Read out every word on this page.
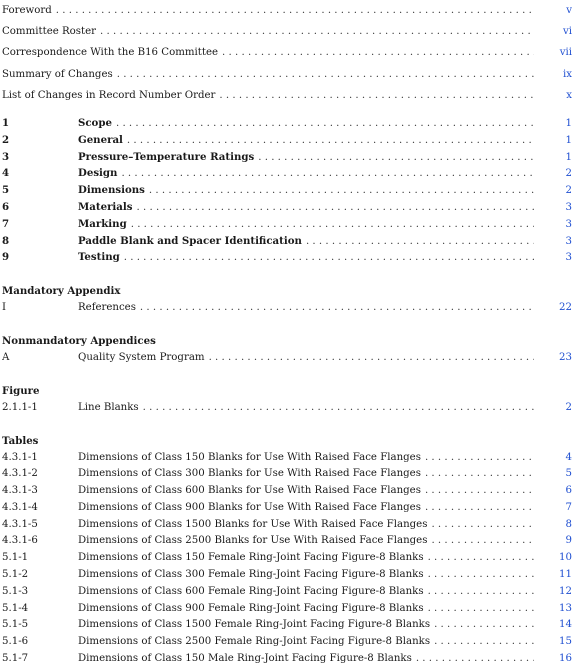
Foreword . . .	v
Committee Roster . . .	vi
Correspondence With the B16 Committee . . .	vii
Summary of Changes . . .	ix
List of Changes in Record Number Order . . .	x
1	Scope . . .	1
2	General . . .	1
3	Pressure–Temperature Ratings . . .	1
4	Design . . .	2
5	Dimensions . . .	2
6	Materials . . .	3
7	Marking . . .	3
8	Paddle Blank and Spacer Identification . . .	3
9	Testing . . .	3
Mandatory Appendix
I	References . . .	22
Nonmandatory Appendices
A	Quality System Program . . .	23
Figure
2.1.1-1	Line Blanks . . .	2
Tables
4.3.1-1	Dimensions of Class 150 Blanks for Use With Raised Face Flanges . . .	4
4.3.1-2	Dimensions of Class 300 Blanks for Use With Raised Face Flanges . . .	5
4.3.1-3	Dimensions of Class 600 Blanks for Use With Raised Face Flanges . . .	6
4.3.1-4	Dimensions of Class 900 Blanks for Use With Raised Face Flanges . . .	7
4.3.1-5	Dimensions of Class 1500 Blanks for Use With Raised Face Flanges . . .	8
4.3.1-6	Dimensions of Class 2500 Blanks for Use With Raised Face Flanges . . .	9
5.1-1	Dimensions of Class 150 Female Ring-Joint Facing Figure-8 Blanks . . .	10
5.1-2	Dimensions of Class 300 Female Ring-Joint Facing Figure-8 Blanks . . .	11
5.1-3	Dimensions of Class 600 Female Ring-Joint Facing Figure-8 Blanks . . .	12
5.1-4	Dimensions of Class 900 Female Ring-Joint Facing Figure-8 Blanks . . .	13
5.1-5	Dimensions of Class 1500 Female Ring-Joint Facing Figure-8 Blanks . . .	14
5.1-6	Dimensions of Class 2500 Female Ring-Joint Facing Figure-8 Blanks . . .	15
5.1-7	Dimensions of Class 150 Male Ring-Joint Facing Figure-8 Blanks . . .	16
